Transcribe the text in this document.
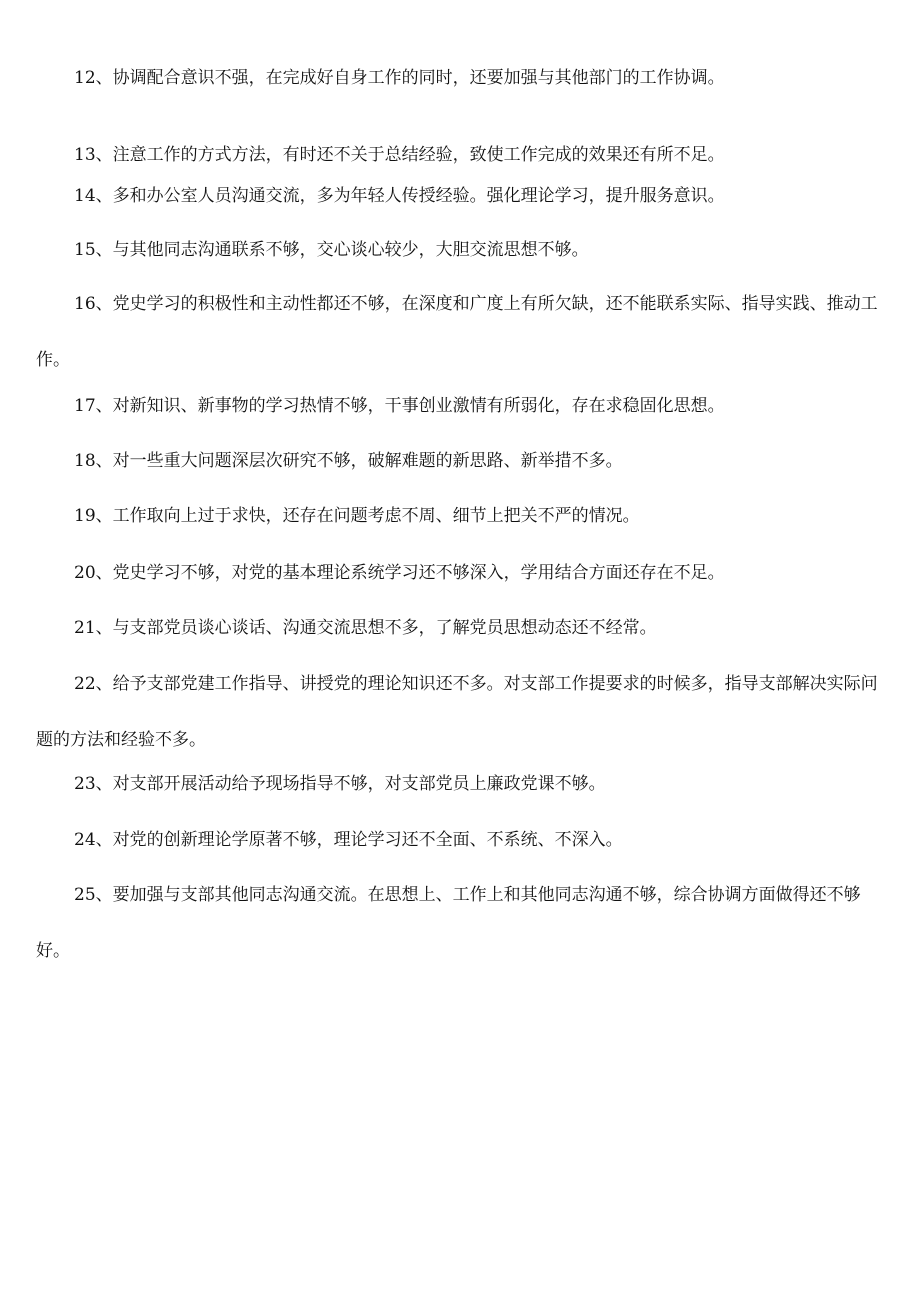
12、协调配合意识不强，在完成好自身工作的同时，还要加强与其他部门的工作协调。

13、注意工作的方式方法，有时还不关于总结经验，致使工作完成的效果还有所不足。

14、多和办公室人员沟通交流，多为年轻人传授经验。强化理论学习，提升服务意识。

15、与其他同志沟通联系不够，交心谈心较少，大胆交流思想不够。

16、党史学习的积极性和主动性都还不够，在深度和广度上有所欠缺，还不能联系实际、指导实践、推动工作。

17、对新知识、新事物的学习热情不够，干事创业激情有所弱化，存在求稳固化思想。

18、对一些重大问题深层次研究不够，破解难题的新思路、新举措不多。

19、工作取向上过于求快，还存在问题考虑不周、细节上把关不严的情况。

20、党史学习不够，对党的基本理论系统学习还不够深入，学用结合方面还存在不足。

21、与支部党员谈心谈话、沟通交流思想不多，了解党员思想动态还不经常。

22、给予支部党建工作指导、讲授党的理论知识还不多。对支部工作提要求的时候多，指导支部解决实际问题的方法和经验不多。

23、对支部开展活动给予现场指导不够，对支部党员上廉政党课不够。

24、对党的创新理论学原著不够，理论学习还不全面、不系统、不深入。

25、要加强与支部其他同志沟通交流。在思想上、工作上和其他同志沟通不够，综合协调方面做得还不够好。
